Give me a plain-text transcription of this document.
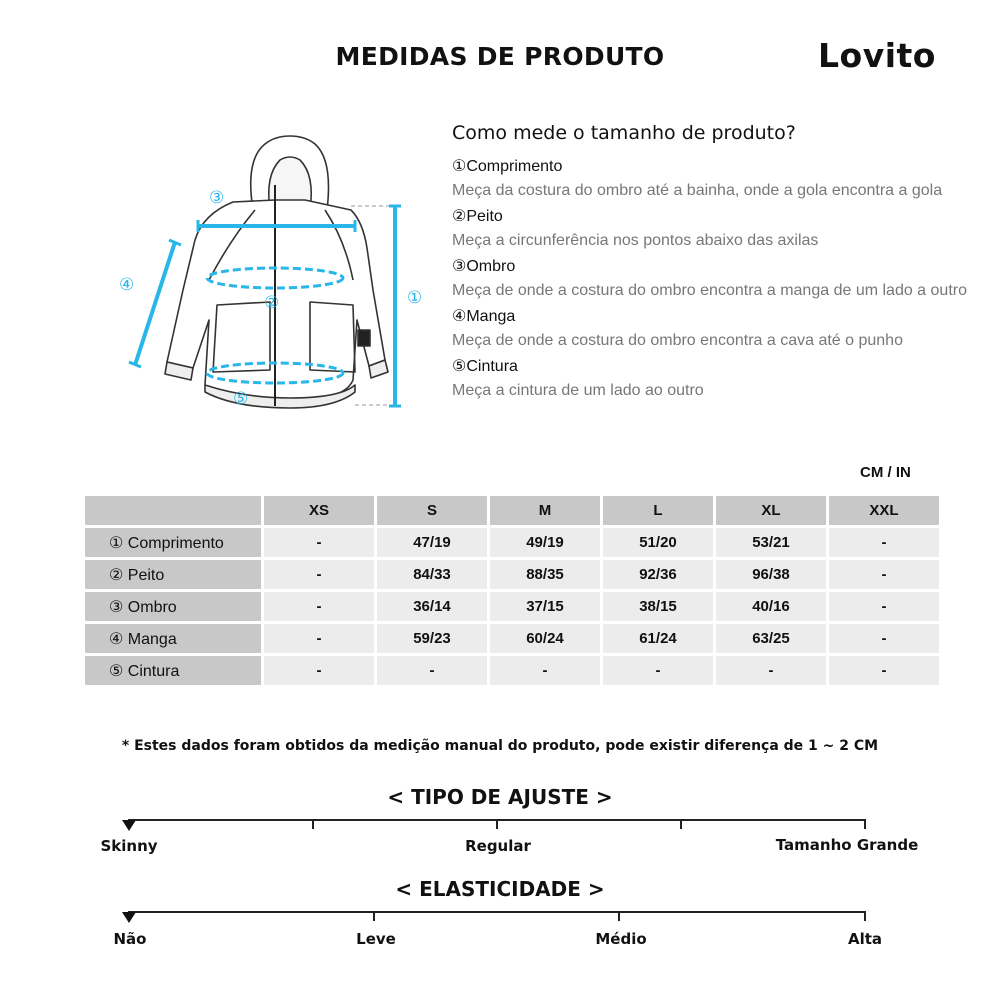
MEDIDAS DE PRODUTO	Lovito
①
②
③
④
⑤
Como mede o tamanho de produto?
①Comprimento
Meça da costura do ombro até a bainha, onde a gola encontra a gola
②Peito
Meça a circunferência nos pontos abaixo das axilas
③Ombro
Meça de onde a costura do ombro encontra a manga de um lado a outro
④Manga
Meça de onde a costura do ombro encontra a cava até o punho
⑤Cintura
Meça a cintura de um lado ao outro
CM / IN
	XS	S	M	L	XL	XXL
① Comprimento	-	47/19	49/19	51/20	53/21	-
② Peito	-	84/33	88/35	92/36	96/38	-
③ Ombro	-	36/14	37/15	38/15	40/16	-
④ Manga	-	59/23	60/24	61/24	63/25	-
⑤ Cintura	-	-	-	-	-	-
* Estes dados foram obtidos da medição manual do produto, pode existir diferença de 1 ~ 2 CM
< TIPO DE AJUSTE >
Skinny	Regular	Tamanho Grande
< ELASTICIDADE >
Não	Leve	Médio	Alta
